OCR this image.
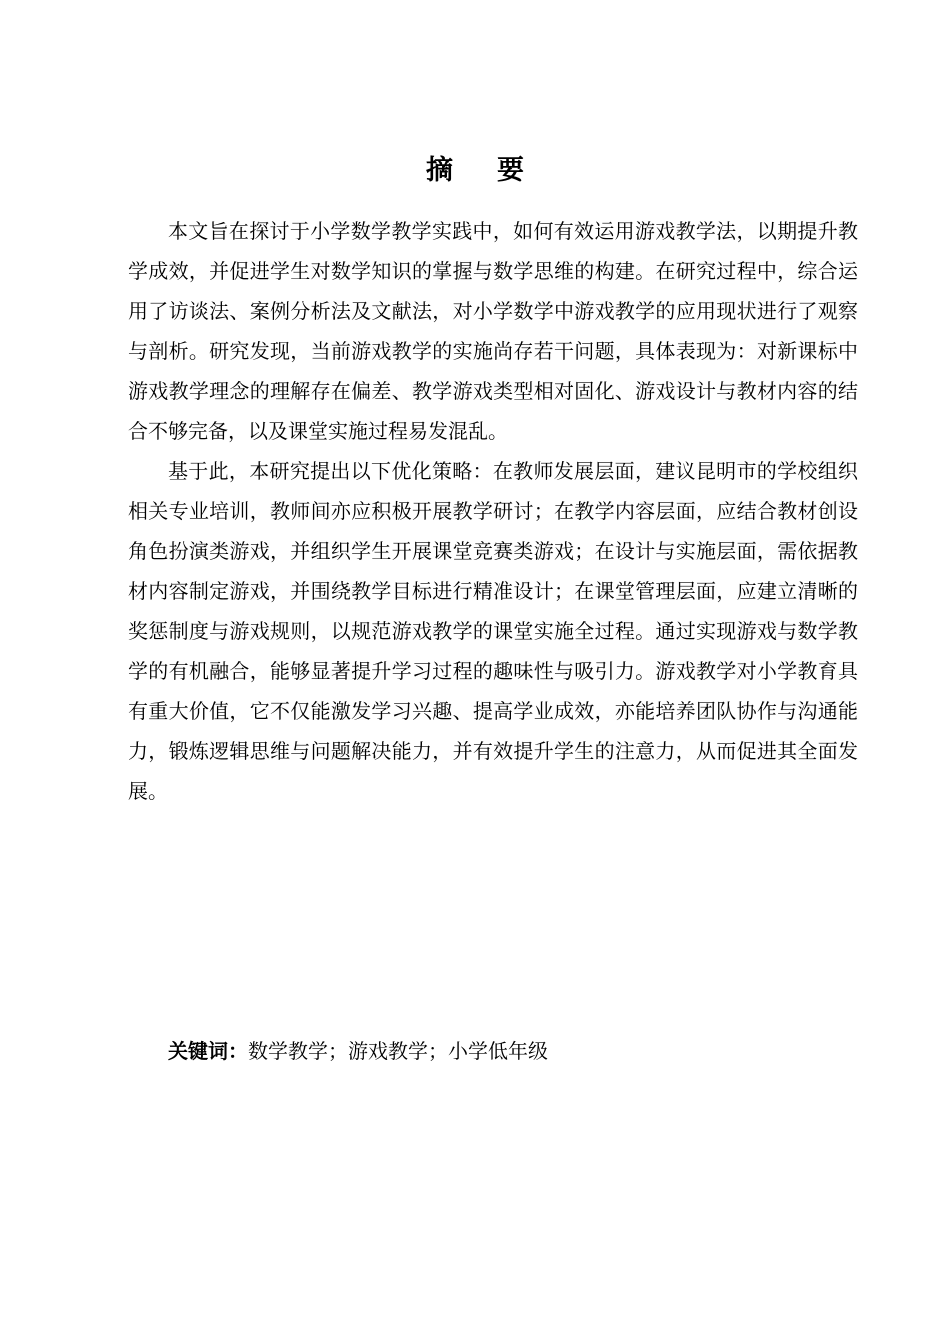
摘 要

本文旨在探讨于小学数学教学实践中，如何有效运用游戏教学法，以期提升教学成效，并促进学生对数学知识的掌握与数学思维的构建。在研究过程中，综合运用了访谈法、案例分析法及文献法，对小学数学中游戏教学的应用现状进行了观察与剖析。研究发现，当前游戏教学的实施尚存若干问题，具体表现为：对新课标中游戏教学理念的理解存在偏差、教学游戏类型相对固化、游戏设计与教材内容的结合不够完备，以及课堂实施过程易发混乱。

基于此，本研究提出以下优化策略：在教师发展层面，建议昆明市的学校组织相关专业培训，教师间亦应积极开展教学研讨；在教学内容层面，应结合教材创设角色扮演类游戏，并组织学生开展课堂竞赛类游戏；在设计与实施层面，需依据教材内容制定游戏，并围绕教学目标进行精准设计；在课堂管理层面，应建立清晰的奖惩制度与游戏规则，以规范游戏教学的课堂实施全过程。通过实现游戏与数学教学的有机融合，能够显著提升学习过程的趣味性与吸引力。游戏教学对小学教育具有重大价值，它不仅能激发学习兴趣、提高学业成效，亦能培养团队协作与沟通能力，锻炼逻辑思维与问题解决能力，并有效提升学生的注意力，从而促进其全面发展。

关键词：数学教学；游戏教学；小学低年级
